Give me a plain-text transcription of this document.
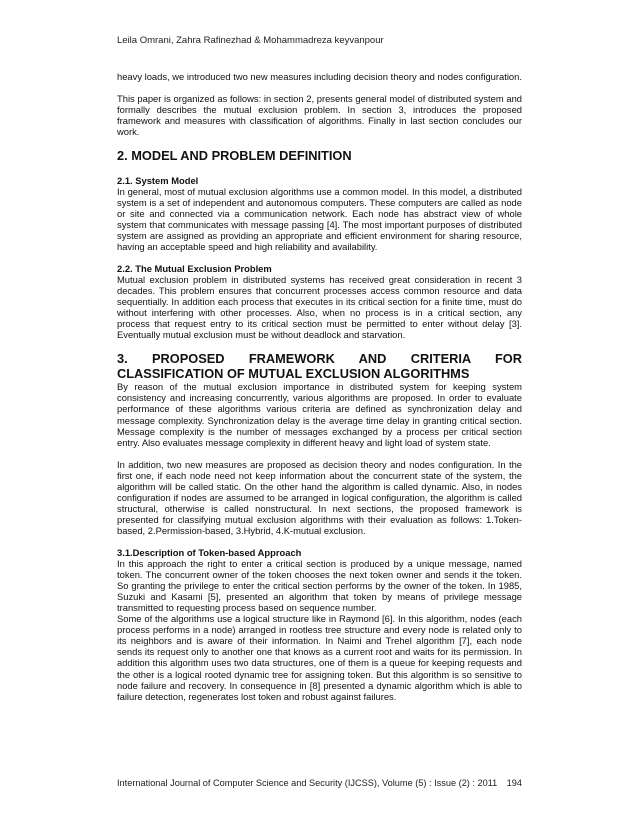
Leila Omrani, Zahra Rafinezhad & Mohammadreza keyvanpour

heavy loads, we introduced two new measures including decision theory and nodes configuration.

This paper is organized as follows: in section 2, presents general model of distributed system and formally describes the mutual exclusion problem. In section 3, introduces the proposed framework and measures with classification of algorithms. Finally in last section concludes our work.

2. MODEL AND PROBLEM DEFINITION

2.1. System Model

In general, most of mutual exclusion algorithms use a common model. In this model, a distributed system is a set of independent and autonomous computers. These computers are called as node or site and connected via a communication network. Each node has abstract view of whole system that communicates with message passing [4]. The most important purposes of distributed system are assigned as providing an appropriate and efficient environment for sharing resource, having an acceptable speed and high reliability and availability.

2.2. The Mutual Exclusion Problem

Mutual exclusion problem in distributed systems has received great consideration in recent 3 decades. This problem ensures that concurrent processes access common resource and data sequentially. In addition each process that executes in its critical section for a finite time, must do without interfering with other processes. Also, when no process is in a critical section, any process that request entry to its critical section must be permitted to enter without delay [3]. Eventually mutual exclusion must be without deadlock and starvation.

3. PROPOSED FRAMEWORK AND CRITERIA FOR CLASSIFICATION OF MUTUAL EXCLUSION ALGORITHMS

By reason of the mutual exclusion importance in distributed system for keeping system consistency and increasing concurrently, various algorithms are proposed. In order to evaluate performance of these algorithms various criteria are defined as synchronization delay and message complexity. Synchronization delay is the average time delay in granting critical section. Message complexity is the number of messages exchanged by a process per critical section entry. Also evaluates message complexity in different heavy and light load of system state.

In addition, two new measures are proposed as decision theory and nodes configuration. In the first one, if each node need not keep information about the concurrent state of the system, the algorithm will be called static. On the other hand the algorithm is called dynamic. Also, in nodes configuration if nodes are assumed to be arranged in logical configuration, the algorithm is called structural, otherwise is called nonstructural. In next sections, the proposed framework is presented for classifying mutual exclusion algorithms with their evaluation as follows: 1.Token-based, 2.Permission-based, 3.Hybrid, 4.K-mutual exclusion.

3.1.Description of Token-based Approach

In this approach the right to enter a critical section is produced by a unique message, named token. The concurrent owner of the token chooses the next token owner and sends it the token. So granting the privilege to enter the critical section performs by the owner of the token. In 1985, Suzuki and Kasami [5], presented an algorithm that token by means of privilege message transmitted to requesting process based on sequence number.

Some of the algorithms use a logical structure like in Raymond [6]. In this algorithm, nodes (each process performs in a node) arranged in rootless tree structure and every node is related only to its neighbors and is aware of their information. In Naimi and Trehel algorithm [7], each node sends its request only to another one that knows as a current root and waits for its permission. In addition this algorithm uses two data structures, one of them is a queue for keeping requests and the other is a logical rooted dynamic tree for assigning token. But this algorithm is so sensitive to node failure and recovery. In consequence in [8] presented a dynamic algorithm which is able to failure detection, regenerates lost token and robust against failures.

International Journal of Computer Science and Security (IJCSS), Volume (5) : Issue (2) : 2011 194
